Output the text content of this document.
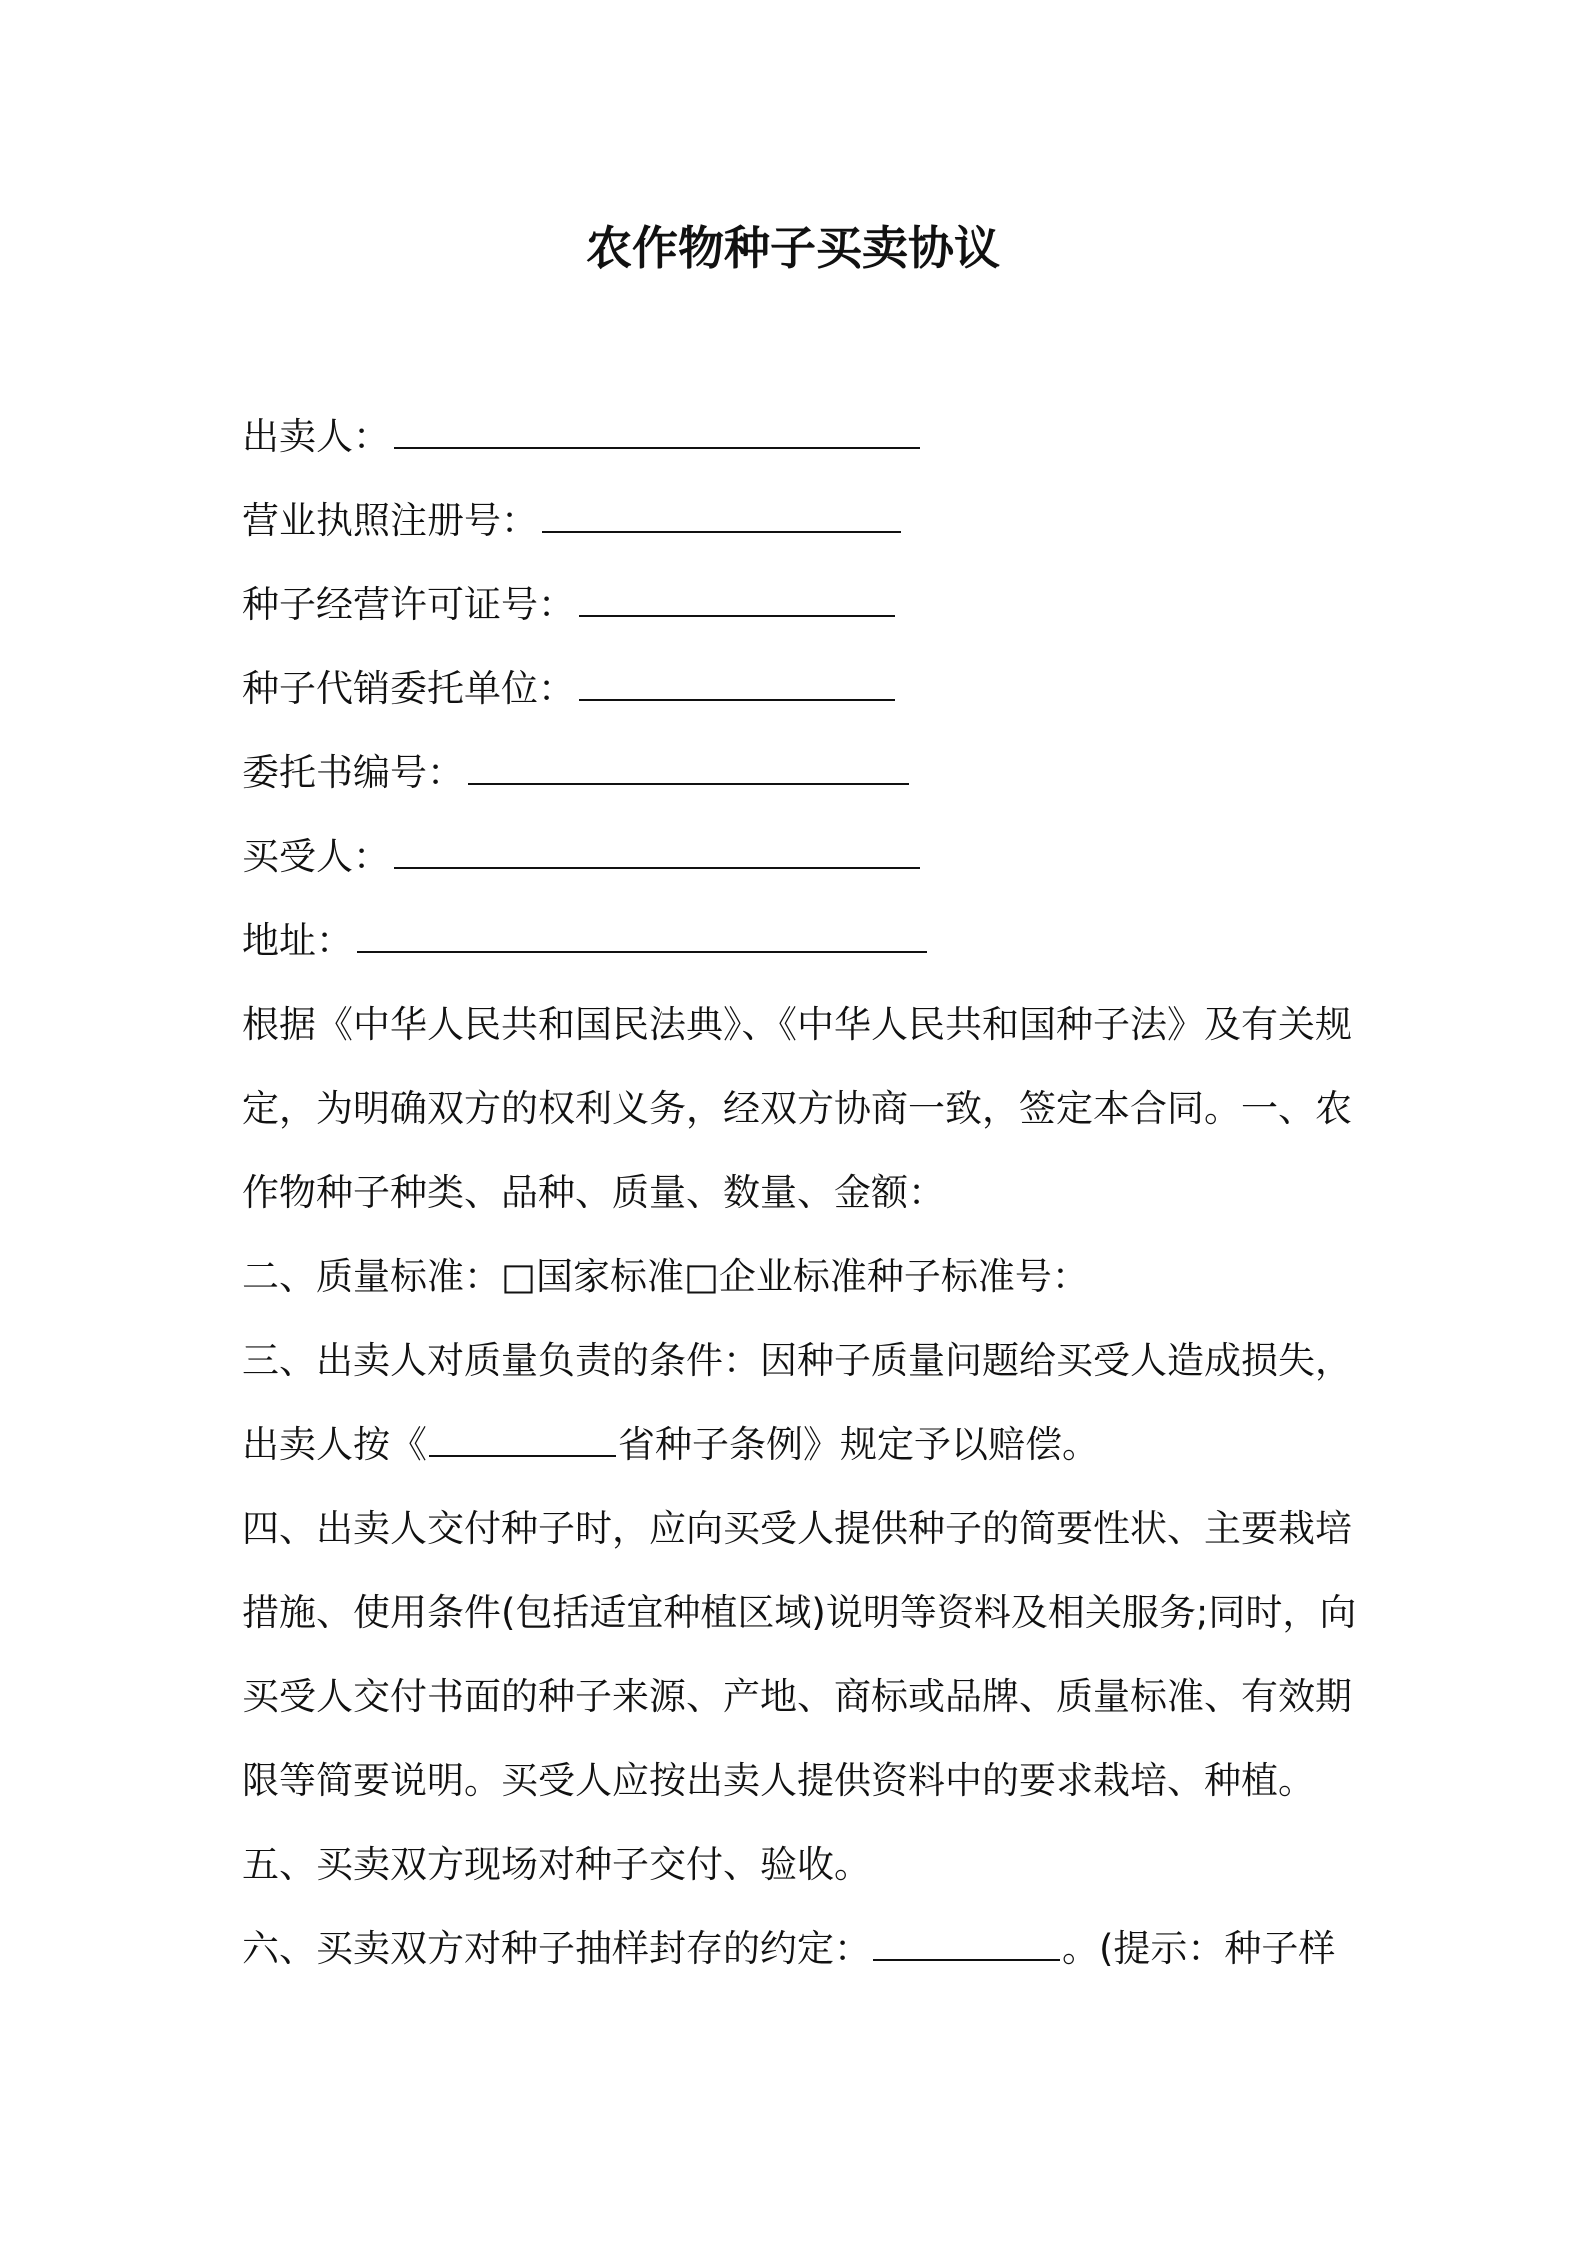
农作物种子买卖协议
出卖人：
营业执照注册号：
种子经营许可证号：
种子代销委托单位：
委托书编号：
买受人：
地址：
根据《中华人民共和国民法典》、《中华人民共和国种子法》及有关规
定，为明确双方的权利义务，经双方协商一致，签定本合同。一、农
作物种子种类、品种、质量、数量、金额：
二、质量标准：□国家标准□企业标准种子标准号：
三、出卖人对质量负责的条件：因种子质量问题给买受人造成损失，
出卖人按《	省种子条例》规定予以赔偿。
四、出卖人交付种子时，应向买受人提供种子的简要性状、主要栽培
措施、使用条件(包括适宜种植区域)说明等资料及相关服务;同时，向
买受人交付书面的种子来源、产地、商标或品牌、质量标准、有效期
限等简要说明。买受人应按出卖人提供资料中的要求栽培、种植。
五、买卖双方现场对种子交付、验收。
六、买卖双方对种子抽样封存的约定：	。(提示：种子样
